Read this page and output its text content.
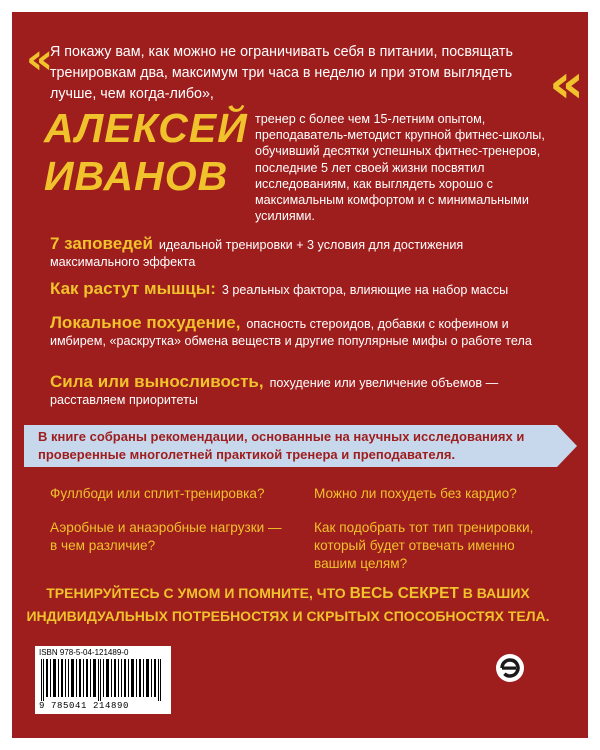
«	«
Я покажу вам, как можно не ограничивать себя в питании, посвящать тренировкам два, максимум три часа в неделю и при этом выглядеть лучше, чем когда-либо»,
АЛЕКСЕЙ
ИВАНОВ
тренер с более чем 15-летним опытом, преподаватель-методист крупной фитнес-школы, обучивший десятки успешных фитнес-тренеров, последние 5 лет своей жизни посвятил исследованиям, как выглядеть хорошо с максимальным комфортом и с минимальными усилиями.
7 заповедей идеальной тренировки + 3 условия для достижения максимального эффекта
Как растут мышцы: 3 реальных фактора, влияющие на набор массы
Локальное похудение, опасность стероидов, добавки с кофеином и имбирем, «раскрутка» обмена веществ и другие популярные мифы о работе тела
Сила или выносливость, похудение или увеличение объемов — расставляем приоритеты
В книге собраны рекомендации, основанные на научных исследованиях и проверенные многолетней практикой тренера и преподавателя.
Фуллбоди или сплит-тренировка?
Аэробные и анаэробные нагрузки — в чем различие?
Можно ли похудеть без кардио?
Как подобрать тот тип тренировки, который будет отвечать именно вашим целям?
ТРЕНИРУЙТЕСЬ С УМОМ И ПОМНИТЕ, ЧТО ВЕСЬ СЕКРЕТ В ВАШИХ ИНДИВИДУАЛЬНЫХ ПОТРЕБНОСТЯХ И СКРЫТЫХ СПОСОБНОСТЯХ ТЕЛА.
ISBN 978-5-04-121489-0
9 785041 214890
